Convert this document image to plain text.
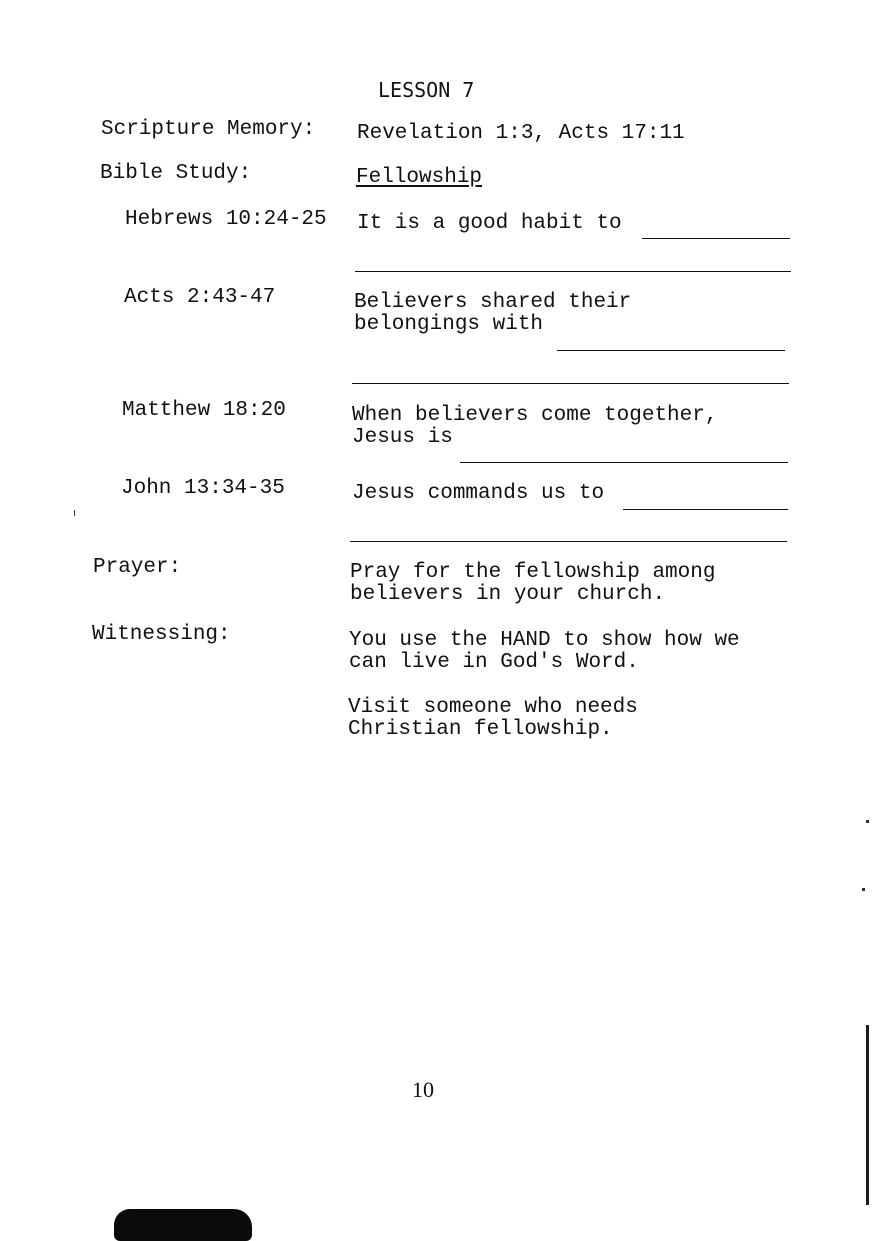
LESSON 7
Scripture Memory: Revelation 1:3, Acts 17:11
Bible Study:	Fellowship
Hebrews 10:24-25 It is a good habit to
Acts 2:43-47	Believers shared their
belongings with
Matthew 18:20	When believers come together,
Jesus is
John 13:34-35	Jesus commands us to
Prayer:	Pray for the fellowship among
believers in your church.
Witnessing:	You use the HAND to show how we
can live in God's Word.
Visit someone who needs
Christian fellowship.
10
